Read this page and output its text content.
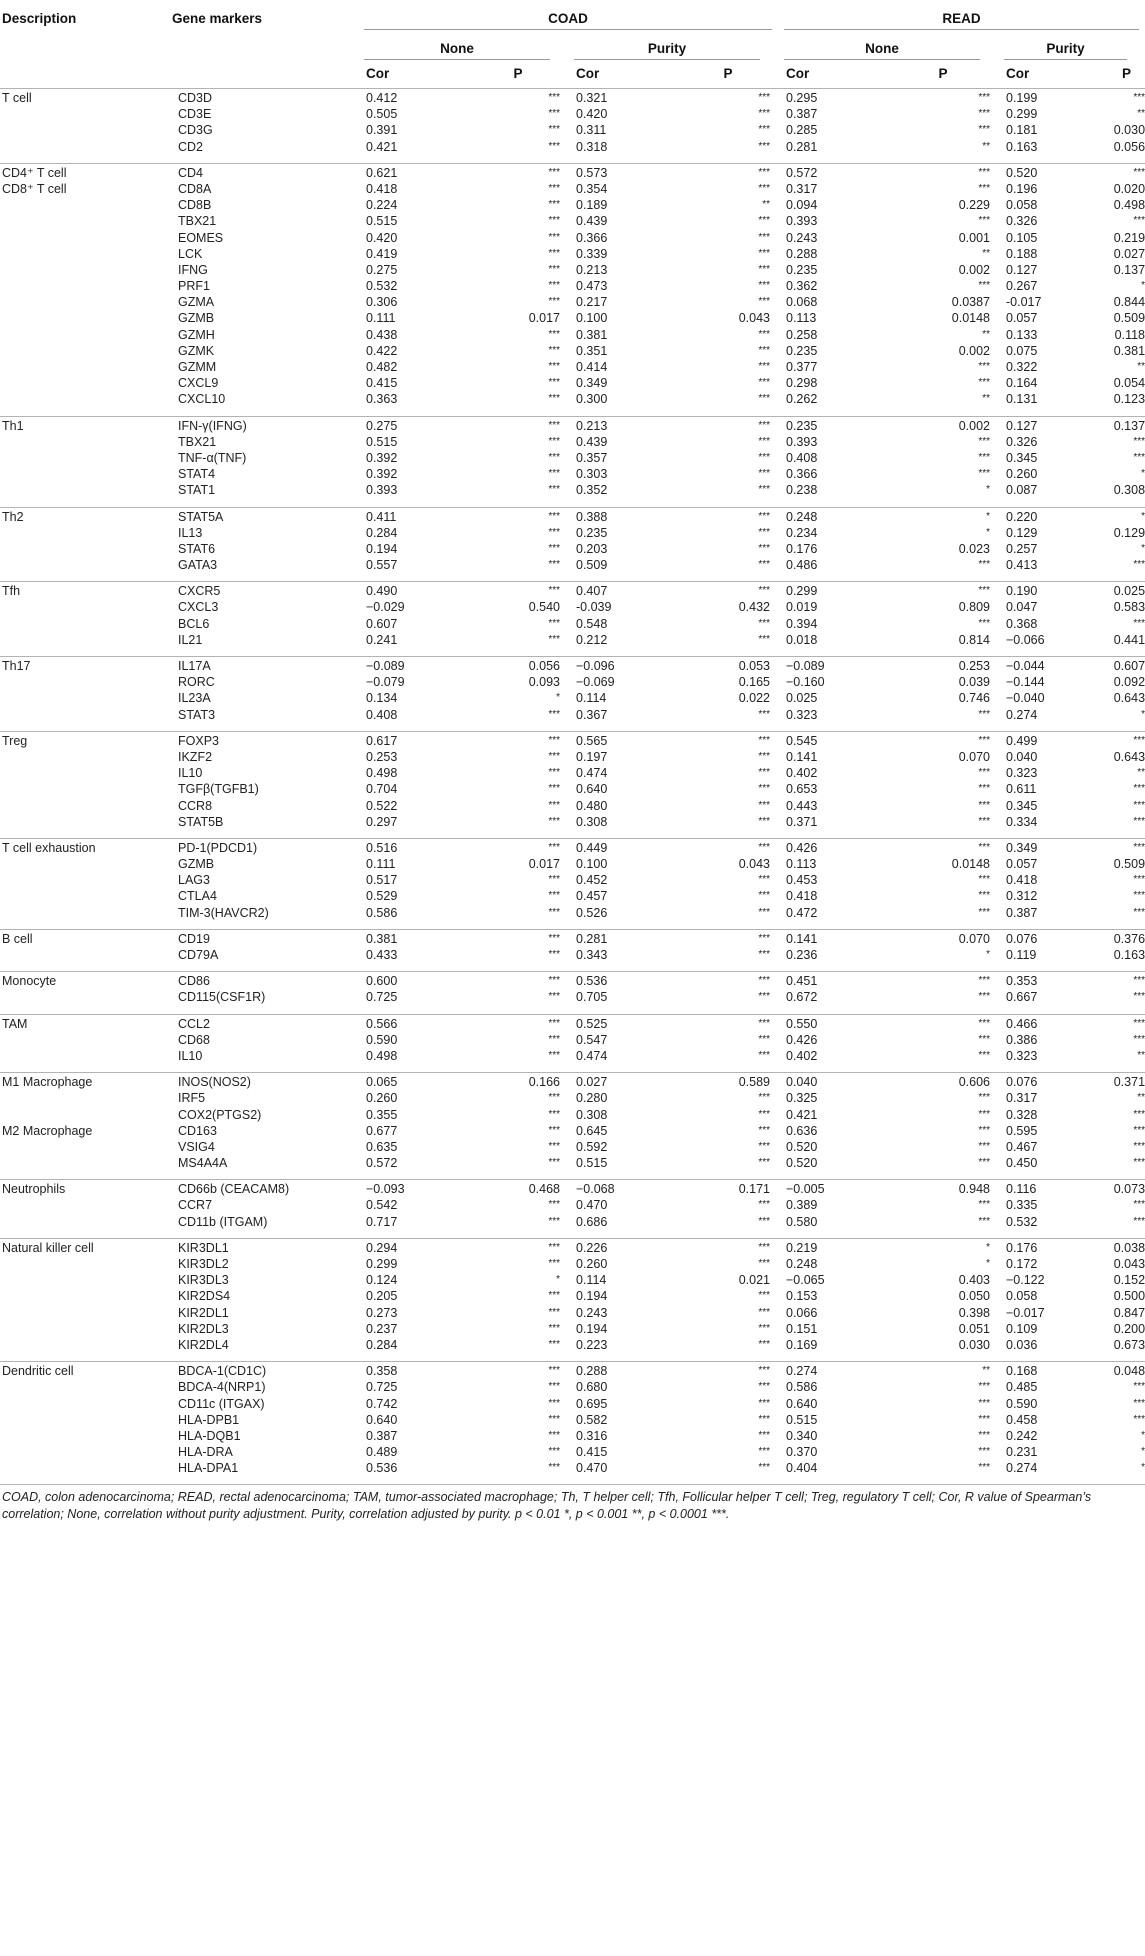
Description	Gene markers	COAD				READ			

		None		Purity		None		Purity	

		Cor	P	Cor	P	Cor	P	Cor	P
T cell	CD3D	0.412	***	0.321	***	0.295	***	0.199	***
	CD3E	0.505	***	0.420	***	0.387	***	0.299	**
	CD3G	0.391	***	0.311	***	0.285	***	0.181	0.030
	CD2	0.421	***	0.318	***	0.281	**	0.163	0.056

CD4⁺ T cell	CD4	0.621	***	0.573	***	0.572	***	0.520	***
CD8⁺ T cell	CD8A	0.418	***	0.354	***	0.317	***	0.196	0.020
	CD8B	0.224	***	0.189	**	0.094	0.229	0.058	0.498
	TBX21	0.515	***	0.439	***	0.393	***	0.326	***
	EOMES	0.420	***	0.366	***	0.243	0.001	0.105	0.219
	LCK	0.419	***	0.339	***	0.288	**	0.188	0.027
	IFNG	0.275	***	0.213	***	0.235	0.002	0.127	0.137
	PRF1	0.532	***	0.473	***	0.362	***	0.267	*
	GZMA	0.306	***	0.217	***	0.068	0.0387	-0.017	0.844
	GZMB	0.111	0.017	0.100	0.043	0.113	0.0148	0.057	0.509
	GZMH	0.438	***	0.381	***	0.258	**	0.133	0.118
	GZMK	0.422	***	0.351	***	0.235	0.002	0.075	0.381
	GZMM	0.482	***	0.414	***	0.377	***	0.322	**
	CXCL9	0.415	***	0.349	***	0.298	***	0.164	0.054
	CXCL10	0.363	***	0.300	***	0.262	**	0.131	0.123

Th1	IFN-γ(IFNG)	0.275	***	0.213	***	0.235	0.002	0.127	0.137
	TBX21	0.515	***	0.439	***	0.393	***	0.326	***
	TNF-α(TNF)	0.392	***	0.357	***	0.408	***	0.345	***
	STAT4	0.392	***	0.303	***	0.366	***	0.260	*
	STAT1	0.393	***	0.352	***	0.238	*	0.087	0.308

Th2	STAT5A	0.411	***	0.388	***	0.248	*	0.220	*
	IL13	0.284	***	0.235	***	0.234	*	0.129	0.129
	STAT6	0.194	***	0.203	***	0.176	0.023	0.257	*
	GATA3	0.557	***	0.509	***	0.486	***	0.413	***

Tfh	CXCR5	0.490	***	0.407	***	0.299	***	0.190	0.025
	CXCL3	−0.029	0.540	-0.039	0.432	0.019	0.809	0.047	0.583
	BCL6	0.607	***	0.548	***	0.394	***	0.368	***
	IL21	0.241	***	0.212	***	0.018	0.814	−0.066	0.441

Th17	IL17A	−0.089	0.056	−0.096	0.053	−0.089	0.253	−0.044	0.607
	RORC	−0.079	0.093	−0.069	0.165	−0.160	0.039	−0.144	0.092
	IL23A	0.134	*	0.114	0.022	0.025	0.746	−0.040	0.643
	STAT3	0.408	***	0.367	***	0.323	***	0.274	*

Treg	FOXP3	0.617	***	0.565	***	0.545	***	0.499	***
	IKZF2	0.253	***	0.197	***	0.141	0.070	0.040	0.643
	IL10	0.498	***	0.474	***	0.402	***	0.323	**
	TGFβ(TGFB1)	0.704	***	0.640	***	0.653	***	0.611	***
	CCR8	0.522	***	0.480	***	0.443	***	0.345	***
	STAT5B	0.297	***	0.308	***	0.371	***	0.334	***

T cell exhaustion	PD-1(PDCD1)	0.516	***	0.449	***	0.426	***	0.349	***
	GZMB	0.111	0.017	0.100	0.043	0.113	0.0148	0.057	0.509
	LAG3	0.517	***	0.452	***	0.453	***	0.418	***
	CTLA4	0.529	***	0.457	***	0.418	***	0.312	***
	TIM-3(HAVCR2)	0.586	***	0.526	***	0.472	***	0.387	***

B cell	CD19	0.381	***	0.281	***	0.141	0.070	0.076	0.376
	CD79A	0.433	***	0.343	***	0.236	*	0.119	0.163

Monocyte	CD86	0.600	***	0.536	***	0.451	***	0.353	***
	CD115(CSF1R)	0.725	***	0.705	***	0.672	***	0.667	***

TAM	CCL2	0.566	***	0.525	***	0.550	***	0.466	***
	CD68	0.590	***	0.547	***	0.426	***	0.386	***
	IL10	0.498	***	0.474	***	0.402	***	0.323	**

M1 Macrophage	INOS(NOS2)	0.065	0.166	0.027	0.589	0.040	0.606	0.076	0.371
	IRF5	0.260	***	0.280	***	0.325	***	0.317	**
	COX2(PTGS2)	0.355	***	0.308	***	0.421	***	0.328	***
M2 Macrophage	CD163	0.677	***	0.645	***	0.636	***	0.595	***
	VSIG4	0.635	***	0.592	***	0.520	***	0.467	***
	MS4A4A	0.572	***	0.515	***	0.520	***	0.450	***

Neutrophils	CD66b (CEACAM8)	−0.093	0.468	−0.068	0.171	−0.005	0.948	0.116	0.073
	CCR7	0.542	***	0.470	***	0.389	***	0.335	***
	CD11b (ITGAM)	0.717	***	0.686	***	0.580	***	0.532	***

Natural killer cell	KIR3DL1	0.294	***	0.226	***	0.219	*	0.176	0.038
	KIR3DL2	0.299	***	0.260	***	0.248	*	0.172	0.043
	KIR3DL3	0.124	*	0.114	0.021	−0.065	0.403	−0.122	0.152
	KIR2DS4	0.205	***	0.194	***	0.153	0.050	0.058	0.500
	KIR2DL1	0.273	***	0.243	***	0.066	0.398	−0.017	0.847
	KIR2DL3	0.237	***	0.194	***	0.151	0.051	0.109	0.200
	KIR2DL4	0.284	***	0.223	***	0.169	0.030	0.036	0.673

Dendritic cell	BDCA-1(CD1C)	0.358	***	0.288	***	0.274	**	0.168	0.048
	BDCA-4(NRP1)	0.725	***	0.680	***	0.586	***	0.485	***
	CD11c (ITGAX)	0.742	***	0.695	***	0.640	***	0.590	***
	HLA-DPB1	0.640	***	0.582	***	0.515	***	0.458	***
	HLA-DQB1	0.387	***	0.316	***	0.340	***	0.242	*
	HLA-DRA	0.489	***	0.415	***	0.370	***	0.231	*
	HLA-DPA1	0.536	***	0.470	***	0.404	***	0.274	*

COAD, colon adenocarcinoma; READ, rectal adenocarcinoma; TAM, tumor-associated macrophage; Th, T helper cell; Tfh, Follicular helper T cell; Treg, regulatory T cell; Cor, R value of Spearman’s correlation; None, correlation without purity adjustment. Purity, correlation adjusted by purity. p < 0.01 *, p < 0.001 **, p < 0.0001 ***.
